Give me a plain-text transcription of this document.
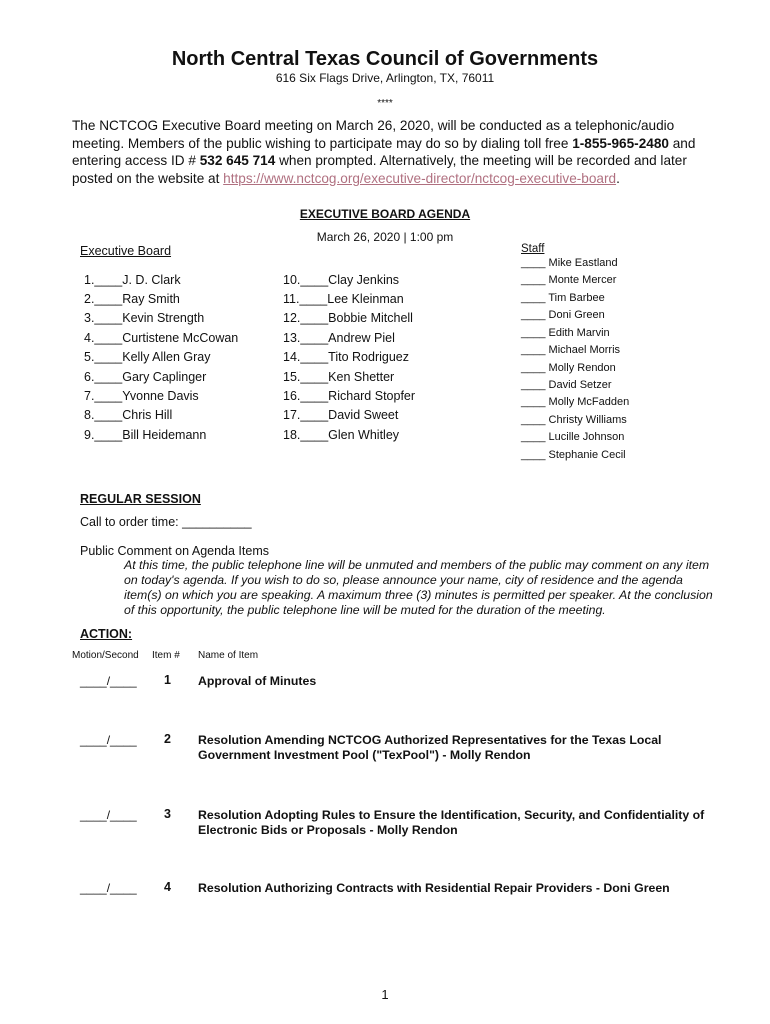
North Central Texas Council of Governments
616 Six Flags Drive, Arlington, TX, 76011
****

The NCTCOG Executive Board meeting on March 26, 2020, will be conducted as a telephonic/audio meeting. Members of the public wishing to participate may do so by dialing toll free 1-855-965-2480 and entering access ID # 532 645 714 when prompted. Alternatively, the meeting will be recorded and later posted on the website at https://www.nctcog.org/executive-director/nctcog-executive-board.

EXECUTIVE BOARD AGENDA
March 26, 2020 | 1:00 pm
Executive Board	Staff
1.____J. D. Clark
2.____Ray Smith
3.____Kevin Strength
4.____Curtistene McCowan
5.____Kelly Allen Gray
6.____Gary Caplinger
7.____Yvonne Davis
8.____Chris Hill
9.____Bill Heidemann
10.____Clay Jenkins
11.____Lee Kleinman
12.____Bobbie Mitchell
13.____Andrew Piel
14.____Tito Rodriguez
15.____Ken Shetter
16.____Richard Stopfer
17.____David Sweet
18.____Glen Whitley
____ Mike Eastland
____ Monte Mercer
____ Tim Barbee
____ Doni Green
____ Edith Marvin
____ Michael Morris
____ Molly Rendon
____ David Setzer
____ Molly McFadden
____ Christy Williams
____ Lucille Johnson
____ Stephanie Cecil
REGULAR SESSION
Call to order time: __________
Public Comment on Agenda Items

At this time, the public telephone line will be unmuted and members of the public may comment on any item on today's agenda. If you wish to do so, please announce your name, city of residence and the agenda item(s) on which you are speaking. A maximum three (3) minutes is permitted per speaker. At the conclusion of this opportunity, the public telephone line will be muted for the duration of the meeting.

ACTION:
Motion/Second Item # Name of Item
____/____ 1 Approval of Minutes

____/____ 2 Resolution Amending NCTCOG Authorized Representatives for the Texas Local Government Investment Pool ("TexPool") - Molly Rendon

____/____ 3 Resolution Adopting Rules to Ensure the Identification, Security, and Confidentiality of Electronic Bids or Proposals - Molly Rendon

____/____ 4 Resolution Authorizing Contracts with Residential Repair Providers - Doni Green

1
